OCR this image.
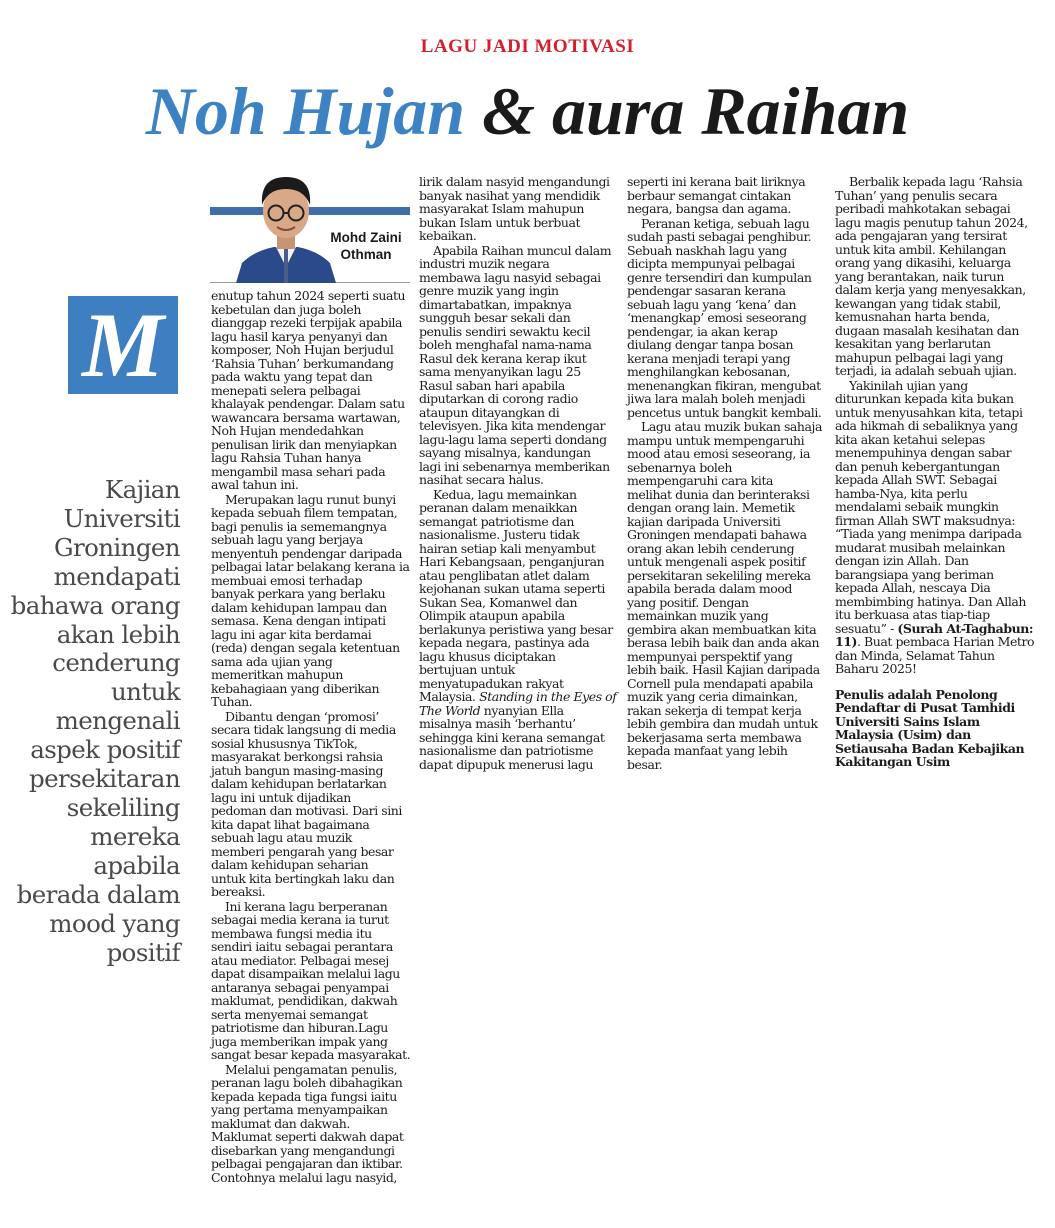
LAGU JADI MOTIVASI
Noh Hujan & aura Raihan
Mohd Zaini
Othman
M
Kajian
Universiti
Groningen
mendapati
bahawa orang
akan lebih
cenderung
untuk
mengenali
aspek positif
persekitaran
sekeliling
mereka apabila
berada dalam
mood yang
positif

enutup tahun 2024 seperti suatu
kebetulan dan juga boleh
dianggap rezeki terpijak apabila
lagu hasil karya penyanyi dan
komposer, Noh Hujan berjudul
‘Rahsia Tuhan’ berkumandang
pada waktu yang tepat dan
menepati selera pelbagai
khalayak pendengar. Dalam satu
wawancara bersama wartawan,
Noh Hujan mendedahkan
penulisan lirik dan menyiapkan
lagu Rahsia Tuhan hanya
mengambil masa sehari pada
awal tahun ini.

Merupakan lagu runut bunyi
kepada sebuah filem tempatan,
bagi penulis ia sememangnya
sebuah lagu yang berjaya
menyentuh pendengar daripada
pelbagai latar belakang kerana ia
membuai emosi terhadap
banyak perkara yang berlaku
dalam kehidupan lampau dan
semasa. Kena dengan intipati
lagu ini agar kita berdamai
(reda) dengan segala ketentuan
sama ada ujian yang
memeritkan mahupun
kebahagiaan yang diberikan
Tuhan.

Dibantu dengan ‘promosi’
secara tidak langsung di media
sosial khususnya TikTok,
masyarakat berkongsi rahsia
jatuh bangun masing-masing
dalam kehidupan berlatarkan
lagu ini untuk dijadikan
pedoman dan motivasi. Dari sini
kita dapat lihat bagaimana
sebuah lagu atau muzik
memberi pengarah yang besar
dalam kehidupan seharian
untuk kita bertingkah laku dan
bereaksi.

Ini kerana lagu berperanan
sebagai media kerana ia turut
membawa fungsi media itu
sendiri iaitu sebagai perantara
atau mediator. Pelbagai mesej
dapat disampaikan melalui lagu
antaranya sebagai penyampai
maklumat, pendidikan, dakwah
serta menyemai semangat
patriotisme dan hiburan.Lagu
juga memberikan impak yang
sangat besar kepada masyarakat.

Melalui pengamatan penulis,
peranan lagu boleh dibahagikan
kepada kepada tiga fungsi iaitu
yang pertama menyampaikan
maklumat dan dakwah.
Maklumat seperti dakwah dapat
disebarkan yang mengandungi
pelbagai pengajaran dan iktibar.
Contohnya melalui lagu nasyid,

lirik dalam nasyid mengandungi
banyak nasihat yang mendidik
masyarakat Islam mahupun
bukan Islam untuk berbuat
kebaikan.

Apabila Raihan muncul dalam
industri muzik negara
membawa lagu nasyid sebagai
genre muzik yang ingin
dimartabatkan, impaknya
sungguh besar sekali dan
penulis sendiri sewaktu kecil
boleh menghafal nama-nama
Rasul dek kerana kerap ikut
sama menyanyikan lagu 25
Rasul saban hari apabila
diputarkan di corong radio
ataupun ditayangkan di
televisyen. Jika kita mendengar
lagu-lagu lama seperti dondang
sayang misalnya, kandungan
lagi ini sebenarnya memberikan
nasihat secara halus.

Kedua, lagu memainkan
peranan dalam menaikkan
semangat patriotisme dan
nasionalisme. Justeru tidak
hairan setiap kali menyambut
Hari Kebangsaan, penganjuran
atau penglibatan atlet dalam
kejohanan sukan utama seperti
Sukan Sea, Komanwel dan
Olimpik ataupun apabila
berlakunya peristiwa yang besar
kepada negara, pastinya ada
lagu khusus diciptakan
bertujuan untuk
menyatupadukan rakyat
Malaysia. Standing in the Eyes of
The World nyanyian Ella
misalnya masih ‘berhantu’
sehingga kini kerana semangat
nasionalisme dan patriotisme
dapat dipupuk menerusi lagu

seperti ini kerana bait liriknya
berbaur semangat cintakan
negara, bangsa dan agama.

Peranan ketiga, sebuah lagu
sudah pasti sebagai penghibur.
Sebuah naskhah lagu yang
dicipta mempunyai pelbagai
genre tersendiri dan kumpulan
pendengar sasaran kerana
sebuah lagu yang ‘kena’ dan
‘menangkap’ emosi seseorang
pendengar, ia akan kerap
diulang dengar tanpa bosan
kerana menjadi terapi yang
menghilangkan kebosanan,
menenangkan fikiran, mengubat
jiwa lara malah boleh menjadi
pencetus untuk bangkit kembali.

Lagu atau muzik bukan sahaja
mampu untuk mempengaruhi
mood atau emosi seseorang, ia
sebenarnya boleh
mempengaruhi cara kita
melihat dunia dan berinteraksi
dengan orang lain. Memetik
kajian daripada Universiti
Groningen mendapati bahawa
orang akan lebih cenderung
untuk mengenali aspek positif
persekitaran sekeliling mereka
apabila berada dalam mood
yang positif. Dengan
memainkan muzik yang
gembira akan membuatkan kita
berasa lebih baik dan anda akan
mempunyai perspektif yang
lebih baik. Hasil Kajian daripada
Cornell pula mendapati apabila
muzik yang ceria dimainkan,
rakan sekerja di tempat kerja
lebih gembira dan mudah untuk
bekerjasama serta membawa
kepada manfaat yang lebih
besar.

Berbalik kepada lagu ‘Rahsia
Tuhan’ yang penulis secara
peribadi mahkotakan sebagai
lagu magis penutup tahun 2024,
ada pengajaran yang tersirat
untuk kita ambil. Kehilangan
orang yang dikasihi, keluarga
yang berantakan, naik turun
dalam kerja yang menyesakkan,
kewangan yang tidak stabil,
kemusnahan harta benda,
dugaan masalah kesihatan dan
kesakitan yang berlarutan
mahupun pelbagai lagi yang
terjadi, ia adalah sebuah ujian.

Yakinilah ujian yang
diturunkan kepada kita bukan
untuk menyusahkan kita, tetapi
ada hikmah di sebaliknya yang
kita akan ketahui selepas
menempuhinya dengan sabar
dan penuh kebergantungan
kepada Allah SWT. Sebagai
hamba-Nya, kita perlu
mendalami sebaik mungkin
firman Allah SWT maksudnya:
“Tiada yang menimpa daripada
mudarat musibah melainkan
dengan izin Allah. Dan
barangsiapa yang beriman
kepada Allah, nescaya Dia
membimbing hatinya. Dan Allah
itu berkuasa atas tiap-tiap
sesuatu” - (Surah At-Taghabun:
11). Buat pembaca Harian Metro
dan Minda, Selamat Tahun
Baharu 2025!

Penulis adalah Penolong
Pendaftar di Pusat Tamhidi
Universiti Sains Islam
Malaysia (Usim) dan
Setiausaha Badan Kebajikan
Kakitangan Usim
